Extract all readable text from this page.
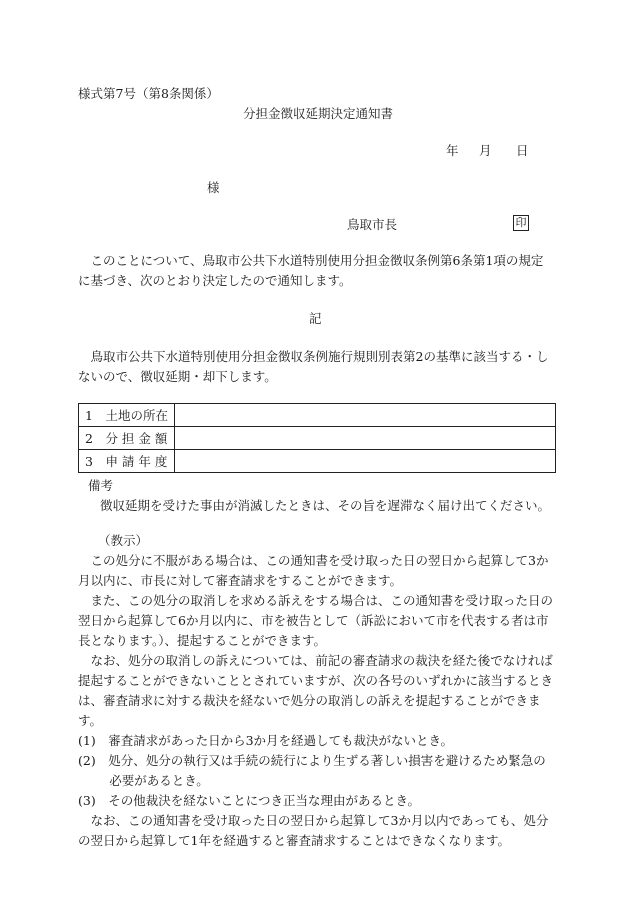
様式第7号（第8条関係）
分担金徴収延期決定通知書
年 月 日
様
鳥取市長	印
このことについて、鳥取市公共下水道特別使用分担金徴収条例第6条第1項の規定に基づき、次のとおり決定したので通知します。
記
鳥取市公共下水道特別使用分担金徴収条例施行規則別表第2の基準に該当する・しないので、徴収延期・却下します。
1　土地の所在	
2　分 担 金 額	
3　申 請 年 度	
備考
徴収延期を受けた事由が消滅したときは、その旨を遅滞なく届け出てください。

（教示）

この処分に不服がある場合は、この通知書を受け取った日の翌日から起算して3か月以内に、市長に対して審査請求をすることができます。

また、この処分の取消しを求める訴えをする場合は、この通知書を受け取った日の翌日から起算して6か月以内に、市を被告として（訴訟において市を代表する者は市長となります。）、提起することができます。

なお、処分の取消しの訴えについては、前記の審査請求の裁決を経た後でなければ提起することができないこととされていますが、次の各号のいずれかに該当するときは、審査請求に対する裁決を経ないで処分の取消しの訴えを提起することができます。

(1)　審査請求があった日から3か月を経過しても裁決がないとき。

(2)　処分、処分の執行又は手続の続行により生ずる著しい損害を避けるため緊急の必要があるとき。

(3)　その他裁決を経ないことにつき正当な理由があるとき。

なお、この通知書を受け取った日の翌日から起算して3か月以内であっても、処分の翌日から起算して1年を経過すると審査請求することはできなくなります。
